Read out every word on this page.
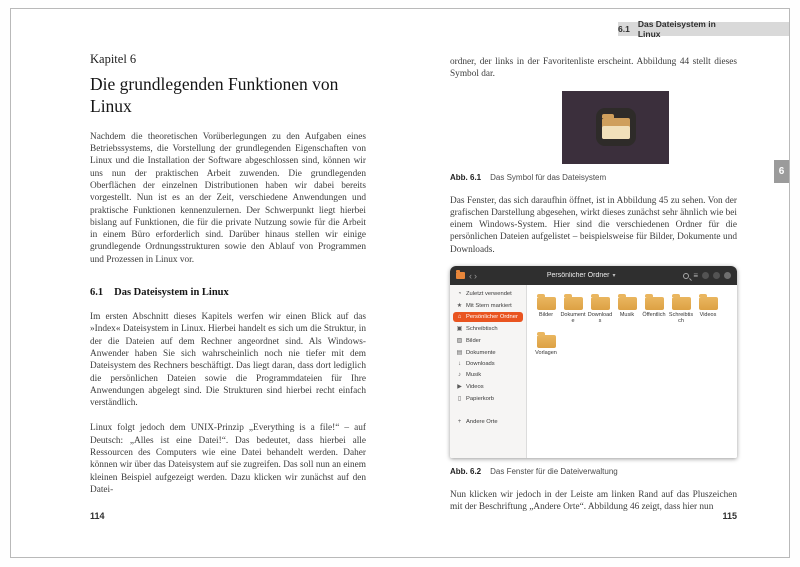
6.1 Das Dateisystem in Linux
6
Kapitel 6
Die grundlegenden Funktionen von Linux

Nachdem die theoretischen Vorüberlegungen zu den Aufgaben eines Betriebssystems, die Vorstellung der grundlegenden Eigenschaften von Linux und die Installation der Software abgeschlossen sind, können wir uns nun der praktischen Arbeit zuwenden. Die grundlegenden Oberflächen der einzelnen Distributionen haben wir dabei bereits vorgestellt. Nun ist es an der Zeit, verschiedene Anwendungen und praktische Funktionen kennenzulernen. Der Schwerpunkt liegt hierbei bislang auf Funktionen, die für die private Nutzung sowie für die Arbeit in einem Büro erforderlich sind. Darüber hinaus stellen wir einige grundlegende Ordnungsstrukturen sowie den Ablauf von Programmen und Prozessen in Linux vor.

6.1 Das Dateisystem in Linux

Im ersten Abschnitt dieses Kapitels werfen wir einen Blick auf das »Index« Dateisystem in Linux. Hierbei handelt es sich um die Struktur, in der die Dateien auf dem Rechner angeordnet sind. Als Windows-Anwender haben Sie sich wahrscheinlich noch nie tiefer mit dem Dateisystem des Rechners beschäftigt. Das liegt daran, dass dort lediglich die persönlichen Dateien sowie die Programmdateien für Ihre Anwendungen abgelegt sind. Die Strukturen sind hierbei recht einfach verständlich.

Linux folgt jedoch dem UNIX-Prinzip „Everything is a file!“ – auf Deutsch: „Alles ist eine Datei!“. Das bedeutet, dass hierbei alle Ressourcen des Computers wie eine Datei behandelt werden. Daher können wir über das Dateisystem auf sie zugreifen. Das soll nun an einem kleinen Beispiel aufgezeigt werden. Dazu klicken wir zunächst auf den Datei-

ordner, der links in der Favoritenliste erscheint. Abbildung 44 stellt dieses Symbol dar.

Abb. 6.1 Das Symbol für das Dateisystem

Das Fenster, das sich daraufhin öffnet, ist in Abbildung 45 zu sehen. Von der grafischen Darstellung abgesehen, wirkt dieses zunächst sehr ähnlich wie bei einem Windows-System. Hier sind die verschiedenen Ordner für die persönlichen Dateien aufgelistet – beispielsweise für Bilder, Dokumente und Downloads.

‹›	Persönlicher Ordner ▾	≡
◔ Zuletzt verwendet
★ Mit Stern markiert
⌂ Persönlicher Ordner
▣ Schreibtisch
▨ Bilder
▤ Dokumente
↓ Downloads
♪ Musik
▶ Videos
▯ Papierkorb
+ Andere Orte
Bilder Dokumente
Downloads
Musik Öffentlich Schreibtisch
Videos
Vorlagen
Abb. 6.2 Das Fenster für die Dateiverwaltung

Nun klicken wir jedoch in der Leiste am linken Rand auf das Pluszeichen mit der Beschriftung „Andere Orte“. Abbildung 46 zeigt, dass hier nun

114	115
